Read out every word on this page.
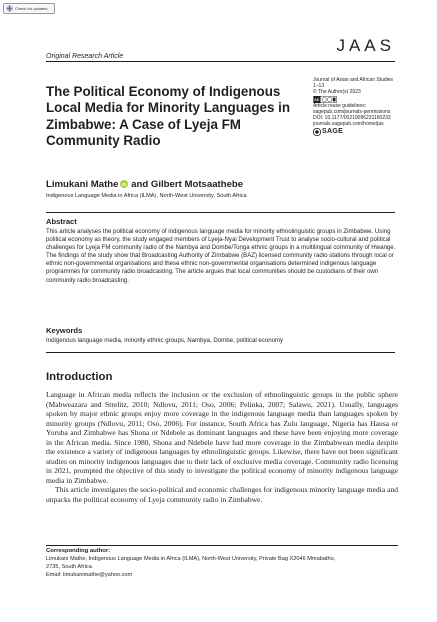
Check for updates
JAAS
Original Research Article
The Political Economy of Indigenous Local Media for Minority Languages in Zimbabwe: A Case of Lyeja FM Community Radio
Journal of Asian and African Studies
1–13
© The Author(s) 2023
cc
Article reuse guidelines:
sagepub.com/journals-permissions
DOI: 10.1177/00219096231160233
journals.sagepub.com/home/jas
SAGE
Limukani Mathe iD and Gilbert Motsaathebe
Indigenous Language Media in Africa (ILMA), North-West University, South Africa
Abstract

This article analyses the political economy of indigenous language media for minority ethnolinguistic groups in Zimbabwe. Using political economy as theory, the study engaged members of Lyeja-Nyai Development Trust to analyse socio-cultural and political challenges for Lyeja FM community radio of the Nambya and Dombe/Tonga ethnic groups in a multilingual community of Hwange. The findings of the study show that Broadcasting Authority of Zimbabwe (BAZ) licensed community radio stations through local or ethnic non-governmental organisations and these ethnic non-governmental organisations determined indigenous language programmes for community radio broadcasting. The article argues that local communities should be custodians of their own community radio broadcasting.

Keywords
Indigenous language media, minority ethnic groups, Nambya, Dombe, political economy
Introduction

Language in African media reflects the inclusion or the exclusion of ethnolinguistic groups in the public sphere (Mabweazara and Strelitz, 2010; Ndlovu, 2011; Oso, 2006; Pelinka, 2007; Salawu, 2021). Usually, languages spoken by major ethnic groups enjoy more coverage in the indigenous language media than languages spoken by minority groups (Ndlovu, 2011; Oso, 2006). For instance, South Africa has Zulu language, Nigeria has Hausa or Yoruba and Zimbabwe has Shona or Ndebele as dominant languages and these have been enjoying more coverage in the African media. Since 1980, Shona and Ndebele have had more coverage in the Zimbabwean media despite the existence a variety of indigenous languages by ethnolinguistic groups. Likewise, there have not been significant studies on minority indigenous languages due to their lack of exclusive media coverage. Community radio licensing in 2021, prompted the objective of this study to investigate the political economy of minority indigenous language media in Zimbabwe.

This article investigates the socio-political and economic challenges for indigenous minority language media and unpacks the political economy of Lyeja community radio in Zimbabwe.

Corresponding author:
Limukani Mathe, Indigenous Language Media in Africa (ILMA), North-West University, Private Bag X2046 Mmabatho,
2735, South Africa.
Email: limukanimathe@yahoo.com
